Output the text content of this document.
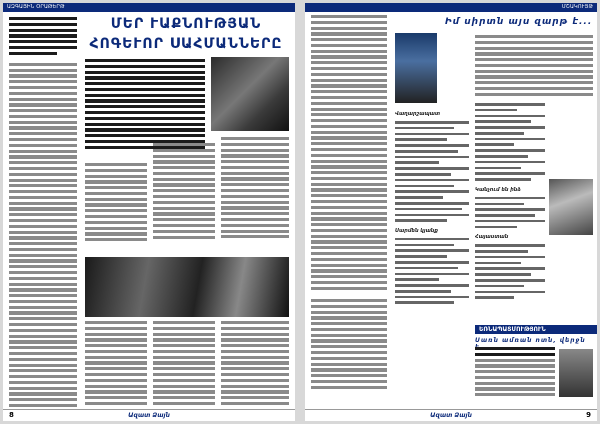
ԱԶԳԱՅԻՆ ՕՐԱԹԵՐԹ
ՄԵՐ ՒԱՔՆՈՒԹՅԱՆ
ՀՈԳԵՒՈՐ ՍԱՀՄԱՆՆԵՐԸ
8	Ազատ Ձայն
ՄՇԱԿՈՒՅԹ
Վաղարշապատ
Սարմեն կյանք
Իմ սիրտն այս զարթ է...
Կանչում են ինձ
Հայաստան
ԵՌՆԱՊԱՏՄՈՒԹՅՈՒՆ
Սառն ամռան ոտն, վերջն
Ազատ Ձայն	9
